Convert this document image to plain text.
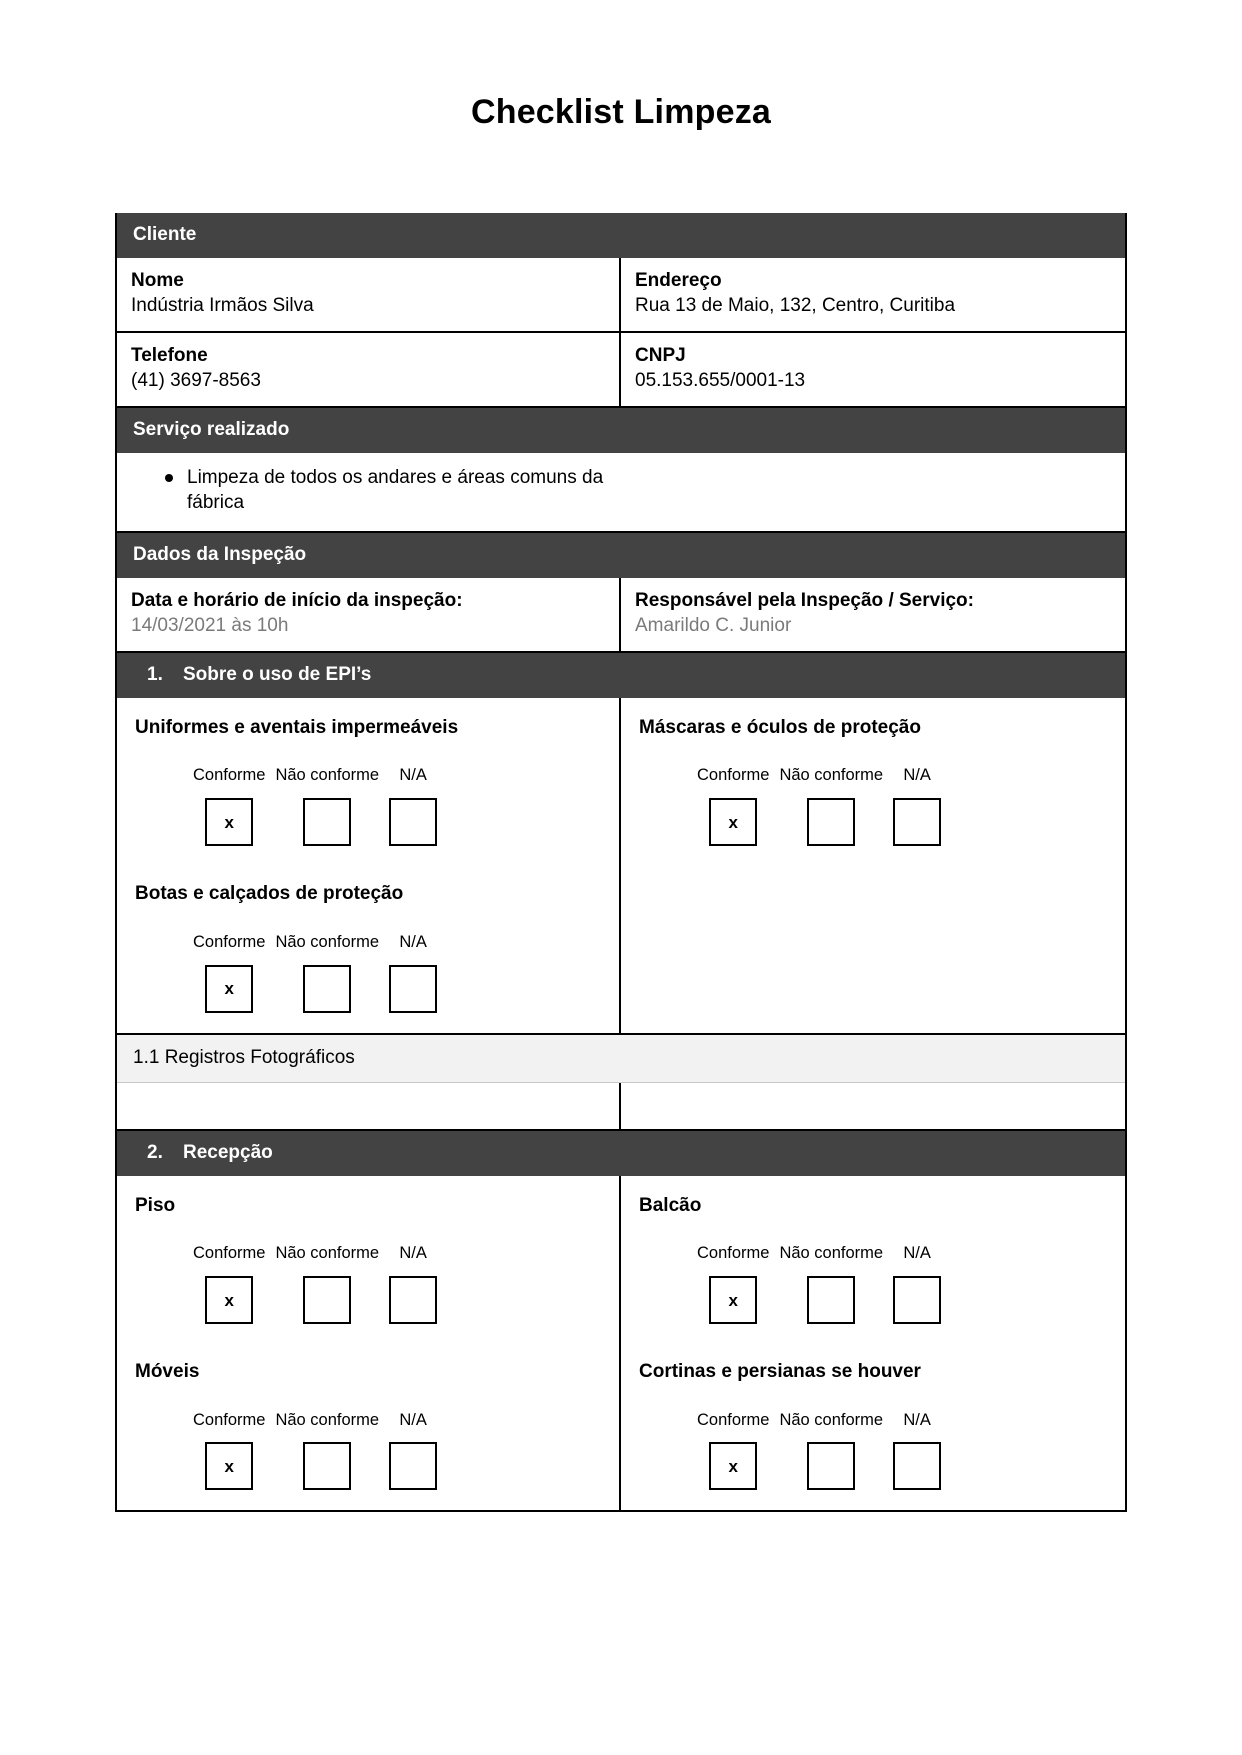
Checklist Limpeza
Cliente
Nome
Indústria Irmãos Silva
Endereço
Rua 13 de Maio, 132, Centro, Curitiba
Telefone
(41) 3697-8563
CNPJ
05.153.655/0001-13
Serviço realizado
Limpeza de todos os andares e áreas comuns da fábrica
Dados da Inspeção
Data e horário de início da inspeção:
14/03/2021 às 10h
Responsável pela Inspeção / Serviço:
Amarildo C. Junior
1. Sobre o uso de EPI’s
Uniformes e aventais impermeáveis
Conforme
x
Não conforme N/A
Botas e calçados de proteção
Conforme
x
Não conforme N/A
Máscaras e óculos de proteção
Conforme
x
Não conforme N/A
1.1 Registros Fotográficos
2. Recepção
Piso
Conforme
x
Não conforme N/A
Móveis
Conforme
x
Não conforme N/A
Balcão
Conforme
x
Não conforme N/A
Cortinas e persianas se houver
Conforme
x
Não conforme N/A
